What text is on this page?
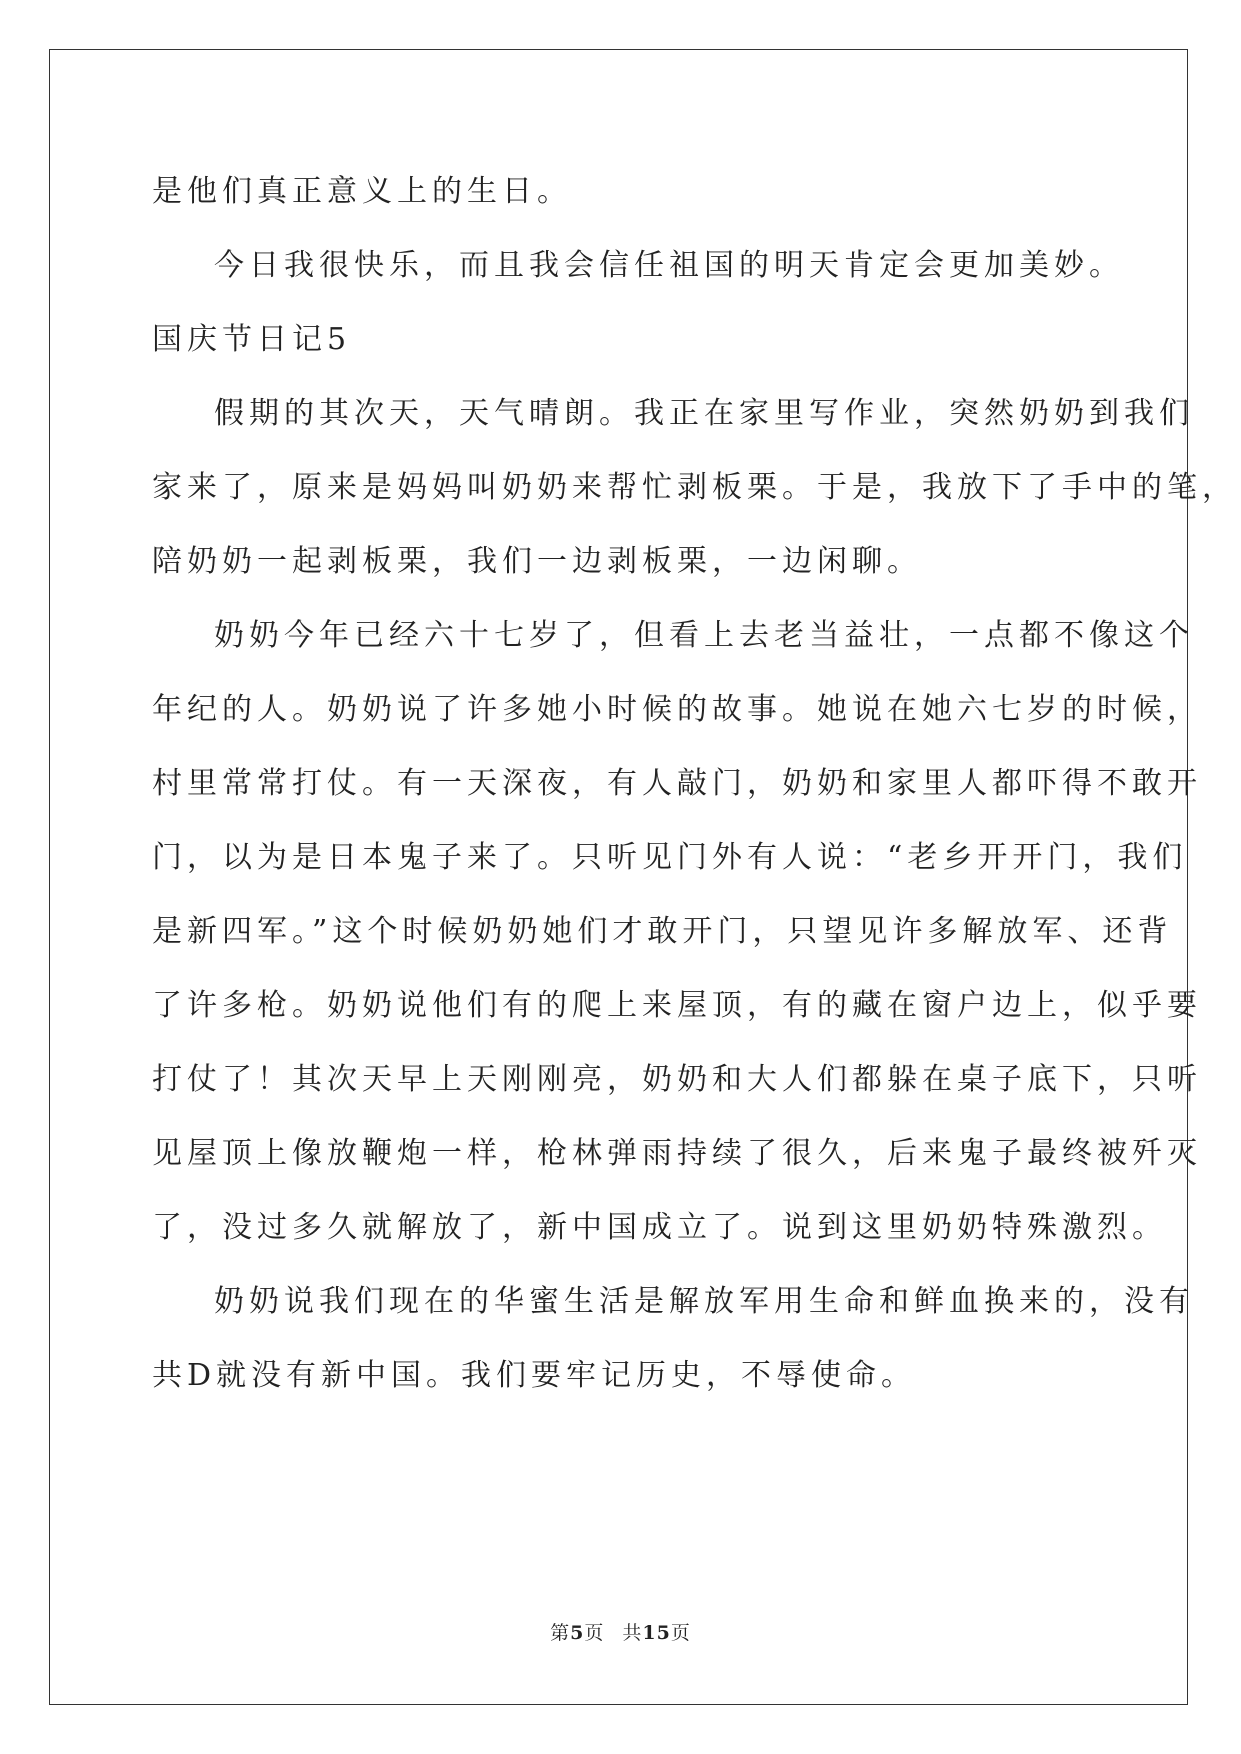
是他们真正意义上的生日。
今日我很快乐，而且我会信任祖国的明天肯定会更加美妙。
国庆节日记5
假期的其次天，天气晴朗。我正在家里写作业，突然奶奶到我们
家来了，原来是妈妈叫奶奶来帮忙剥板栗。于是，我放下了手中的笔，
陪奶奶一起剥板栗，我们一边剥板栗，一边闲聊。
奶奶今年已经六十七岁了，但看上去老当益壮，一点都不像这个
年纪的人。奶奶说了许多她小时候的故事。她说在她六七岁的时候，
村里常常打仗。有一天深夜，有人敲门，奶奶和家里人都吓得不敢开
门，以为是日本鬼子来了。只听见门外有人说：“老乡开开门，我们
是新四军。”这个时候奶奶她们才敢开门，只望见许多解放军、还背
了许多枪。奶奶说他们有的爬上来屋顶，有的藏在窗户边上，似乎要
打仗了！其次天早上天刚刚亮，奶奶和大人们都躲在桌子底下，只听
见屋顶上像放鞭炮一样，枪林弹雨持续了很久，后来鬼子最终被歼灭
了，没过多久就解放了，新中国成立了。说到这里奶奶特殊激烈。
奶奶说我们现在的华蜜生活是解放军用生命和鲜血换来的，没有
共D就没有新中国。我们要牢记历史，不辱使命。
第5页 共15页
